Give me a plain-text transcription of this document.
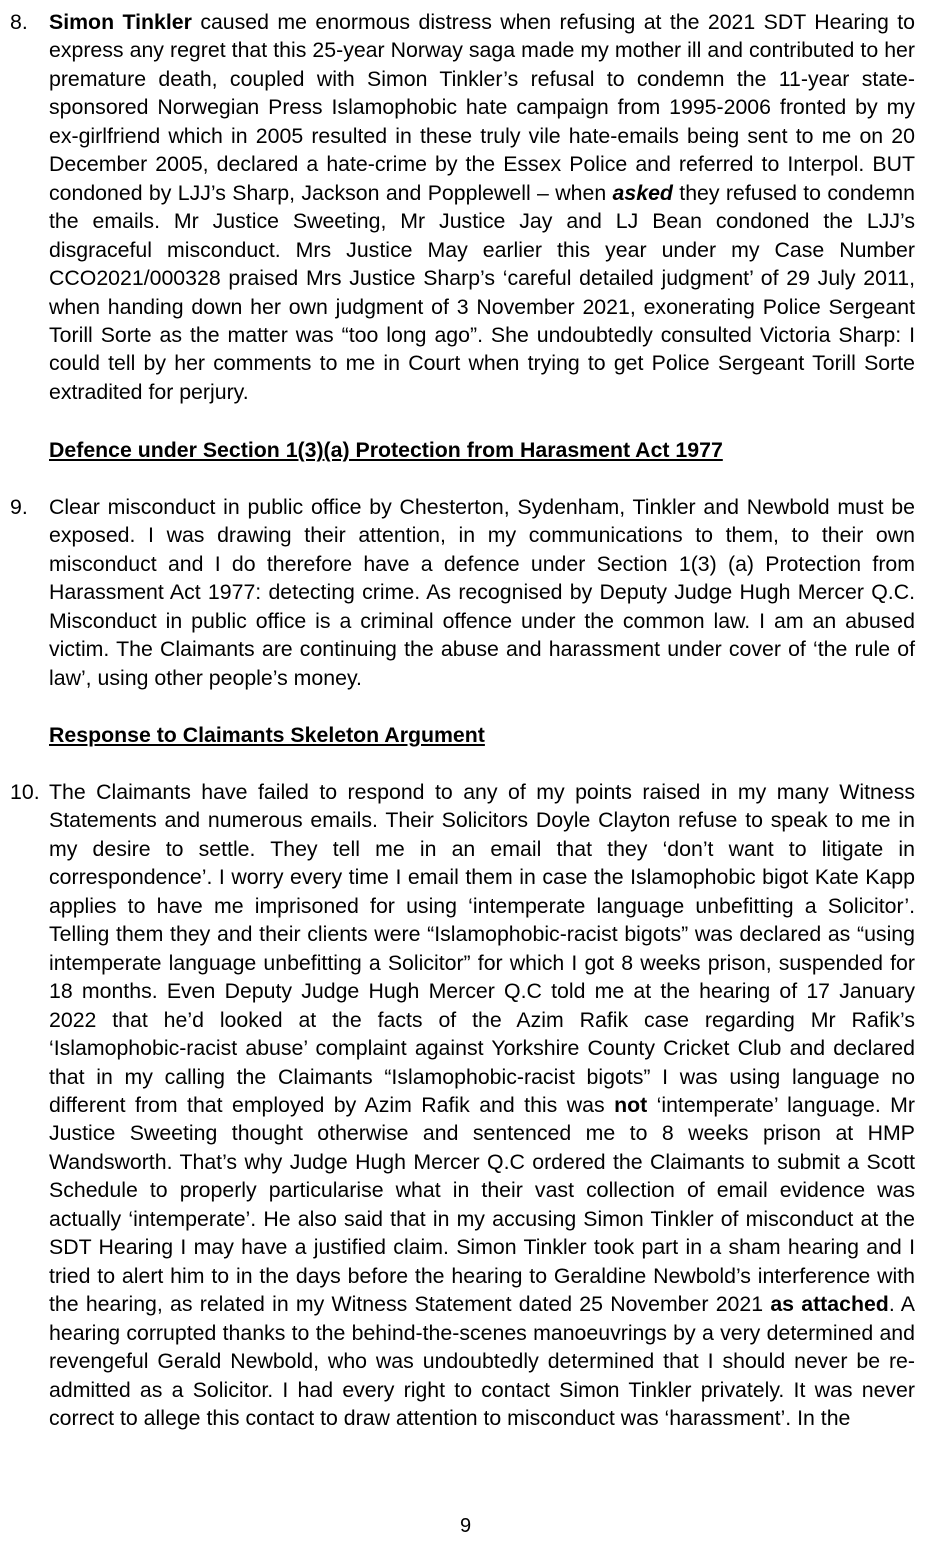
8. Simon Tinkler caused me enormous distress when refusing at the 2021 SDT Hearing to express any regret that this 25-year Norway saga made my mother ill and contributed to her premature death, coupled with Simon Tinkler’s refusal to condemn the 11-year state-sponsored Norwegian Press Islamophobic hate campaign from 1995-2006 fronted by my ex-girlfriend which in 2005 resulted in these truly vile hate-emails being sent to me on 20 December 2005, declared a hate-crime by the Essex Police and referred to Interpol. BUT condoned by LJJ’s Sharp, Jackson and Popplewell – when asked they refused to condemn the emails. Mr Justice Sweeting, Mr Justice Jay and LJ Bean condoned the LJJ’s disgraceful misconduct. Mrs Justice May earlier this year under my Case Number CCO2021/000328 praised Mrs Justice Sharp’s ‘careful detailed judgment’ of 29 July 2011, when handing down her own judgment of 3 November 2021, exonerating Police Sergeant Torill Sorte as the matter was “too long ago”. She undoubtedly consulted Victoria Sharp: I could tell by her comments to me in Court when trying to get Police Sergeant Torill Sorte extradited for perjury.
Defence under Section 1(3)(a) Protection from Harasment Act 1977
9. Clear misconduct in public office by Chesterton, Sydenham, Tinkler and Newbold must be exposed. I was drawing their attention, in my communications to them, to their own misconduct and I do therefore have a defence under Section 1(3) (a) Protection from Harassment Act 1977: detecting crime. As recognised by Deputy Judge Hugh Mercer Q.C. Misconduct in public office is a criminal offence under the common law. I am an abused victim. The Claimants are continuing the abuse and harassment under cover of ‘the rule of law’, using other people’s money.
Response to Claimants Skeleton Argument
10. The Claimants have failed to respond to any of my points raised in my many Witness Statements and numerous emails. Their Solicitors Doyle Clayton refuse to speak to me in my desire to settle. They tell me in an email that they ‘don’t want to litigate in correspondence’. I worry every time I email them in case the Islamophobic bigot Kate Kapp applies to have me imprisoned for using ‘intemperate language unbefitting a Solicitor’. Telling them they and their clients were “Islamophobic-racist bigots” was declared as “using intemperate language unbefitting a Solicitor” for which I got 8 weeks prison, suspended for 18 months. Even Deputy Judge Hugh Mercer Q.C told me at the hearing of 17 January 2022 that he’d looked at the facts of the Azim Rafik case regarding Mr Rafik’s ‘Islamophobic-racist abuse’ complaint against Yorkshire County Cricket Club and declared that in my calling the Claimants “Islamophobic-racist bigots” I was using language no different from that employed by Azim Rafik and this was not ‘intemperate’ language. Mr Justice Sweeting thought otherwise and sentenced me to 8 weeks prison at HMP Wandsworth. That’s why Judge Hugh Mercer Q.C ordered the Claimants to submit a Scott Schedule to properly particularise what in their vast collection of email evidence was actually ‘intemperate’. He also said that in my accusing Simon Tinkler of misconduct at the SDT Hearing I may have a justified claim. Simon Tinkler took part in a sham hearing and I tried to alert him to in the days before the hearing to Geraldine Newbold’s interference with the hearing, as related in my Witness Statement dated 25 November 2021 as attached. A hearing corrupted thanks to the behind-the-scenes manoeuvrings by a very determined and revengeful Gerald Newbold, who was undoubtedly determined that I should never be re-admitted as a Solicitor. I had every right to contact Simon Tinkler privately. It was never correct to allege this contact to draw attention to misconduct was ‘harassment’. In the
9
